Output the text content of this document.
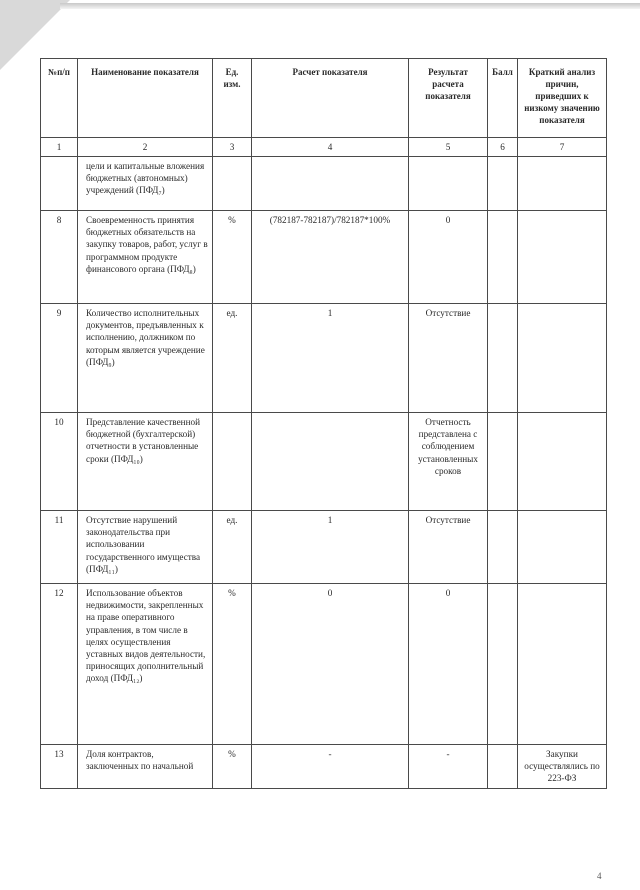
№п/п	Наименование показателя	Ед. изм.	Расчет показателя	Результат расчета показателя	Балл	Краткий анализ причин, приведших к низкому значению показателя
1	2	3	4	5	6	7
	цели и капитальные вложения бюджетных (автономных) учреждений (ПФД₇)					
8	Своевременность принятия бюджетных обязательств на закупку товаров, работ, услуг в программном продукте финансового органа (ПФД₈)	%	(782187-782187)/782187*100%	0		
9	Количество исполнительных документов, предъявленных к исполнению, должником по которым является учреждение (ПФД₉)	ед.	1	Отсутствие		
10	Представление качественной бюджетной (бухгалтерской) отчетности в установленные сроки (ПФД₁₀)			Отчетность представлена с соблюдением установленных сроков		
11	Отсутствие нарушений законодательства при использовании государственного имущества (ПФД₁₁)	ед.	1	Отсутствие		
12	Использование объектов недвижимости, закрепленных на праве оперативного управления, в том числе в целях осуществления уставных видов деятельности, приносящих дополнительный доход (ПФД₁₂)	%	0	0		
13	Доля контрактов, заключенных по начальной	%	-	-		Закупки осуществлялись по 223-ФЗ
4
